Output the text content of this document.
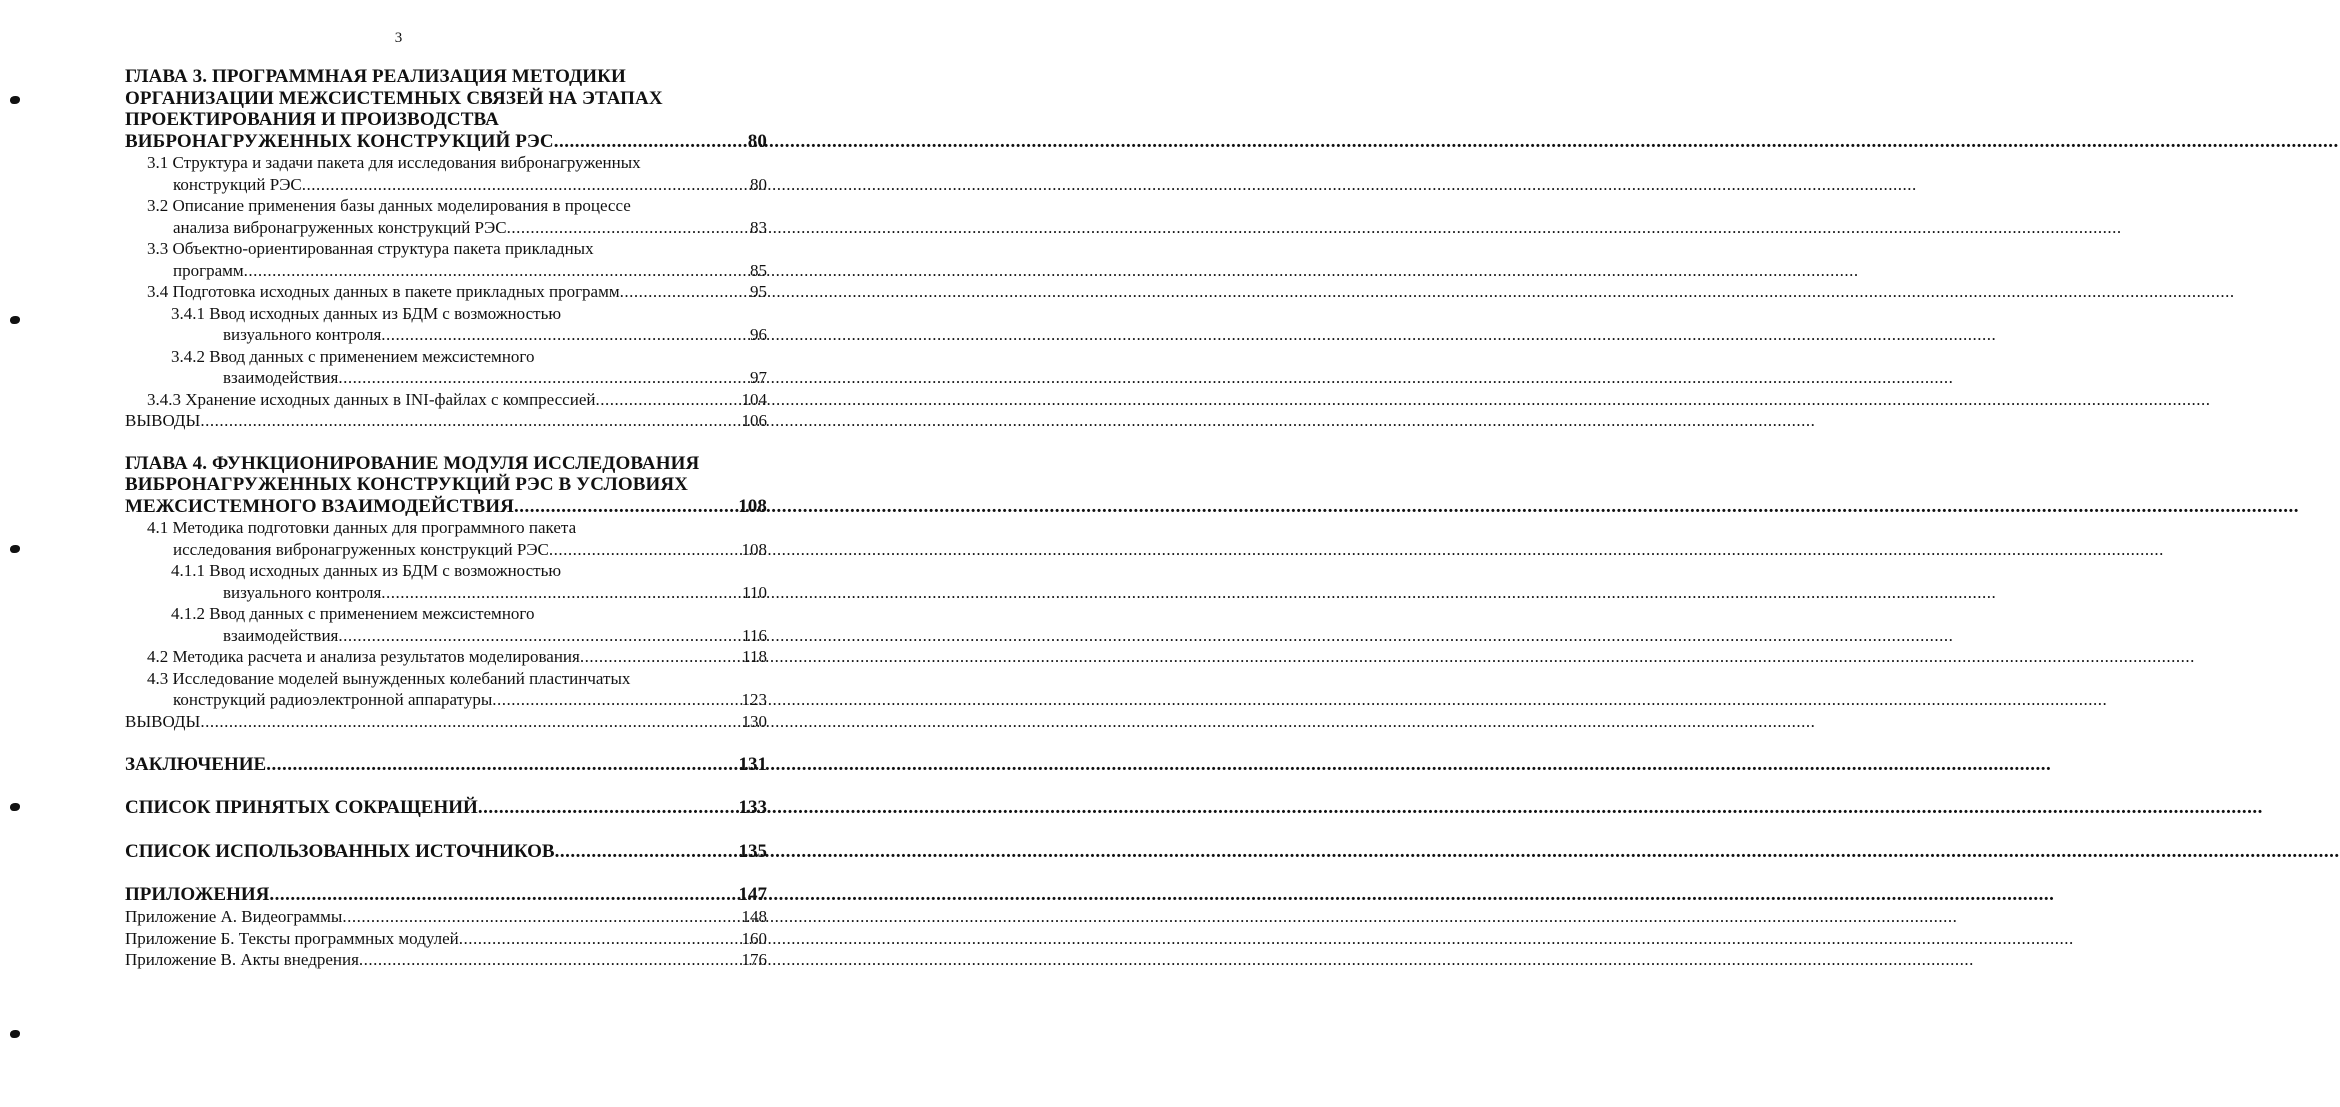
3
ГЛАВА 3. ПРОГРАММНАЯ РЕАЛИЗАЦИЯ МЕТОДИКИ
ОРГАНИЗАЦИИ МЕЖСИСТЕМНЫХ СВЯЗЕЙ НА ЭТАПАХ
ПРОЕКТИРОВАНИЯ И ПРОИЗВОДСТВА
ВИБРОНАГРУЖЕННЫХ КОНСТРУКЦИЙ РЭС .....	80
3.1 Структура и задачи пакета для исследования вибронагруженных
конструкций РЭС .....	80
3.2 Описание применения базы данных моделирования в процессе
анализа вибронагруженных конструкций РЭС .....	83
3.3 Объектно-ориентированная структура пакета прикладных
программ .....	85
3.4 Подготовка исходных данных в пакете прикладных программ .....	95
3.4.1 Ввод исходных данных из БДМ с возможностью
визуального контроля .....	96
3.4.2 Ввод данных с применением межсистемного
взаимодействия .....	97
3.4.3 Хранение исходных данных в INI-файлах с компрессией .....	104
ВЫВОДЫ .....	106
ГЛАВА 4. ФУНКЦИОНИРОВАНИЕ МОДУЛЯ ИССЛЕДОВАНИЯ
ВИБРОНАГРУЖЕННЫХ КОНСТРУКЦИЙ РЭС В УСЛОВИЯХ
МЕЖСИСТЕМНОГО ВЗАИМОДЕЙСТВИЯ .....	108
4.1 Методика подготовки данных для программного пакета
исследования вибронагруженных конструкций РЭС .....	108
4.1.1 Ввод исходных данных из БДМ с возможностью
визуального контроля .....	110
4.1.2 Ввод данных с применением межсистемного
взаимодействия .....	116
4.2 Методика расчета и анализа результатов моделирования .....	118
4.3 Исследование моделей вынужденных колебаний пластинчатых
конструкций радиоэлектронной аппаратуры .....	123
ВЫВОДЫ .....	130
ЗАКЛЮЧЕНИЕ .....	131
СПИСОК ПРИНЯТЫХ СОКРАЩЕНИЙ .....	133
СПИСОК ИСПОЛЬЗОВАННЫХ ИСТОЧНИКОВ .....	135
ПРИЛОЖЕНИЯ .....	147
Приложение А. Видеограммы .....	148
Приложение Б. Тексты программных модулей .....	160
Приложение В. Акты внедрения .....	176
